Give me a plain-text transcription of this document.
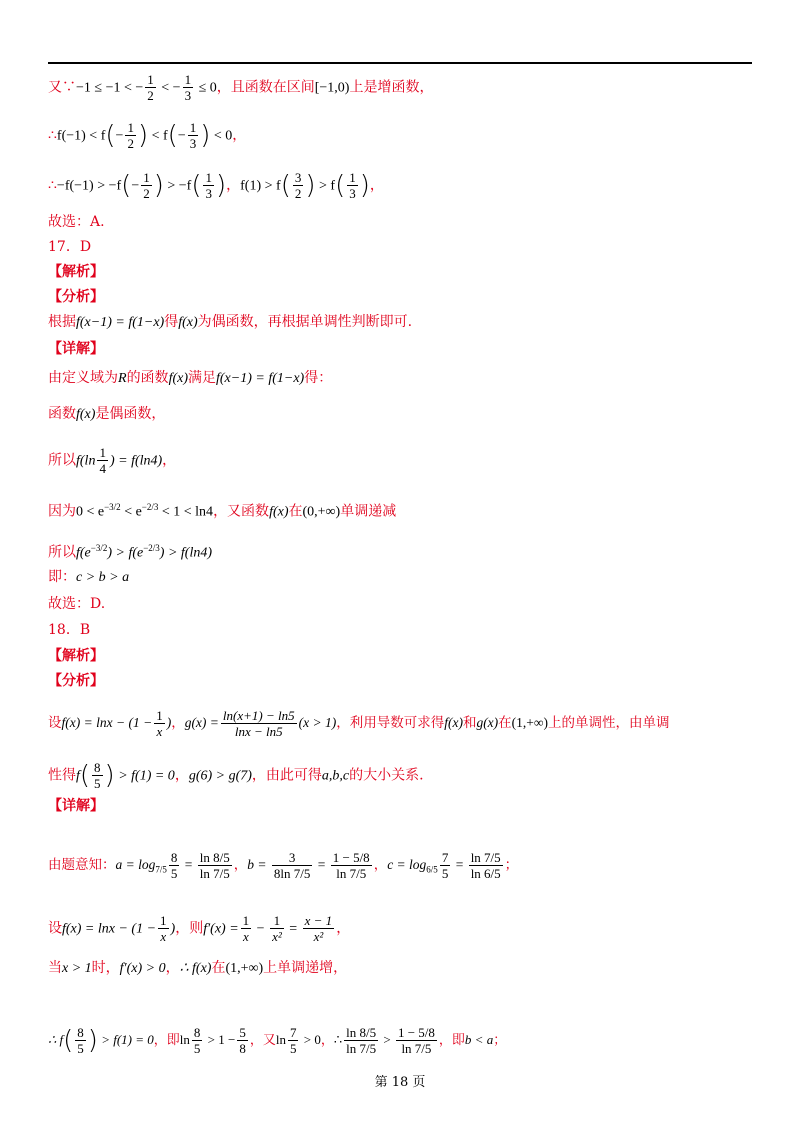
又∵−1 ≤ −1 < − $\frac{1}{2}$ < − $\frac{1}{3} \le 0$，且函数在区间[−1,0)上是增函数，
∴f(−1) < $f(- \frac{1}{2}$ ) < $f(- \frac{1}{3}$ ) < 0，
∴−f(−1) > $-f(- \frac{1}{2}$ ) > $-f( \frac{1}{3}$ )，$f(1) > f( \frac{3}{2}$ ) > $f( \frac{1}{3}$ )，
故选：A.
17．D
【解析】
【分析】
根据f(x−1) = f(1−x)得f(x)为偶函数，再根据单调性判断即可.
【详解】
由定义域为R的函数f(x)满足f(x−1) = f(1−x)得：
函数f(x)是偶函数，
所以$f(\ln \frac{1}{4}$ ) = f(ln4)，
因为$0 < e^{-3/2} < e^{-2/3} < 1 < \ln 4$，又函数f(x)在(0,+∞)单调递减
所以$f(e^{-3/2}) > f(e^{-2/3}) > f(\ln 4)$
即：c > b > a
故选：D.
18．B
【解析】
【分析】
设$f(x) = \ln x - (1 - \frac{1}{x}$ )，$g(x) = \frac{\ln(x+1) - \ln 5}{\ln x - \ln 5} (x > 1)$，利用导数可求得f(x)和g(x)在(1,+∞)上的单调性，由单调
性得$f( \frac{8}{5}$ ) > f(1) = 0，g(6) > g(7)，由此可得a,b,c的大小关系.
【详解】
由题意知：$a = \log_{7/5} \frac{8}{5} = \frac{\ln 8/5}{\ln 7/5}$ ，$b = \frac{3}{8\ln 7/5} = \frac{1 - 5/8}{\ln 7/5}$ ，$c = \log_{6/5} \frac{7}{5} = \frac{\ln 7/5}{\ln 6/5}$ ；
设$f(x) = \ln x - (1 - \frac{1}{x}$ )，则$f'(x) = \frac{1}{x} - \frac{1}{\text{x²}} = \frac{x - 1}{\text{x²}}$ ，
当x > 1时，f′(x) > 0，∴ f(x)在(1,+∞)上单调递增，
∴ $f( \frac{8}{5}$ ) > f(1) = 0，即$\ln \frac{8}{5} > 1 - \frac{5}{8}$ ，又$\ln \frac{7}{5} > 0$，∴ $\frac{\ln 8/5}{\ln 7/5} > \frac{1 - 5/8}{\ln 7/5}$ ，即b < a；
第 18 页
